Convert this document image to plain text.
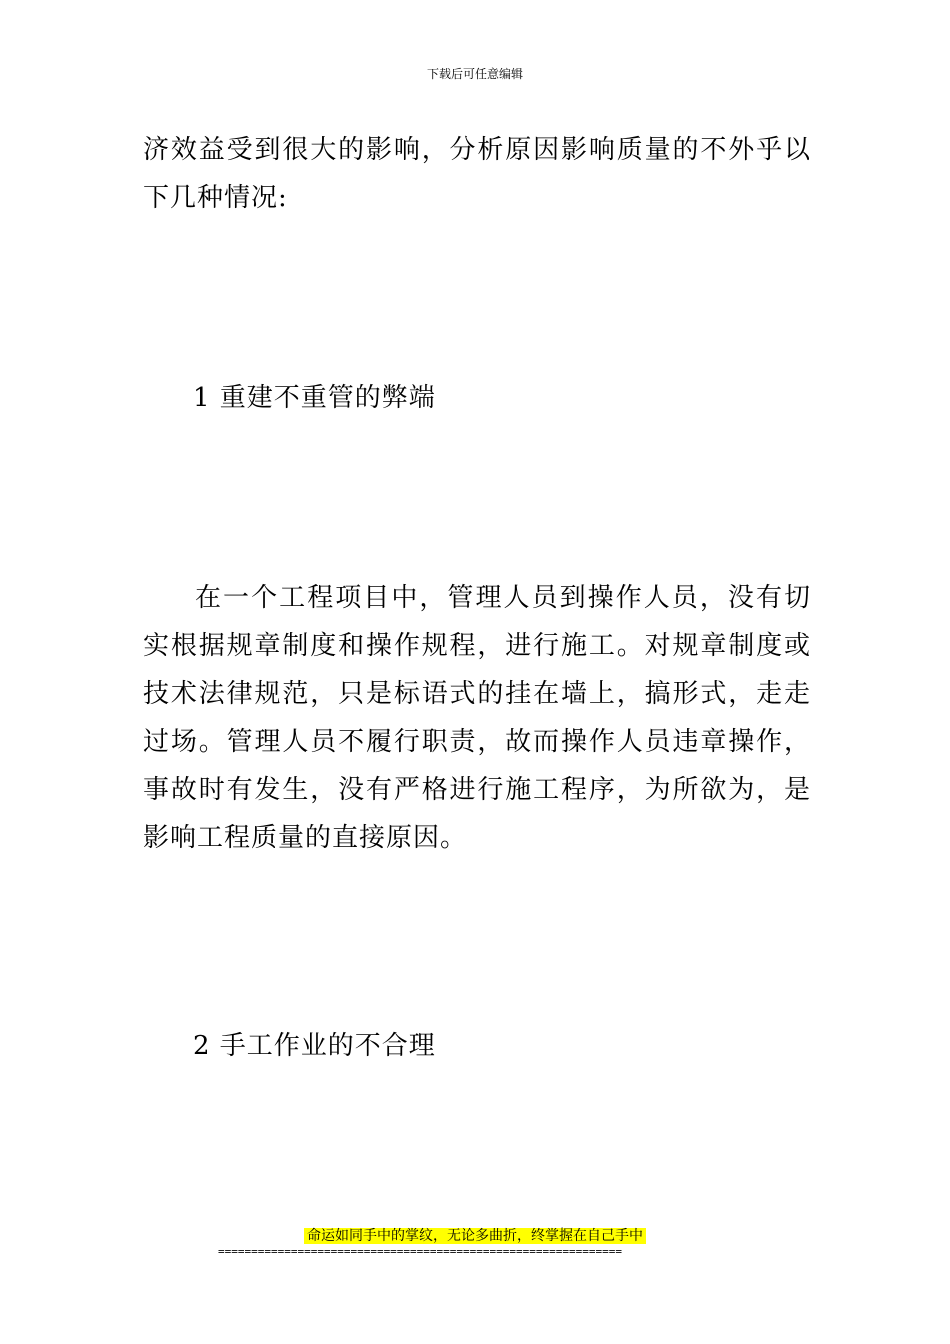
下载后可任意编辑

济效益受到很大的影响，分析原因影响质量的不外乎以下几种情况:

1 重建不重管的弊端

在一个工程项目中，管理人员到操作人员，没有切实根据规章制度和操作规程，进行施工。对规章制度或技术法律规范，只是标语式的挂在墙上，搞形式，走走过场。管理人员不履行职责，故而操作人员违章操作，事故时有发生，没有严格进行施工程序，为所欲为，是影响工程质量的直接原因。

2 手工作业的不合理

命运如同手中的掌纹，无论多曲折，终掌握在自己手中
=============================================================
